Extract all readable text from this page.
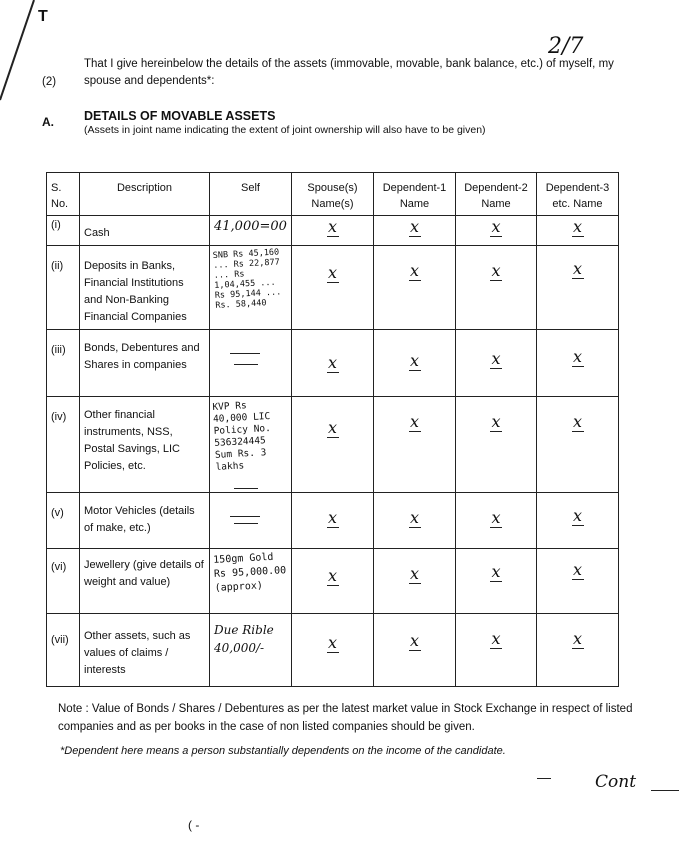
T
2/7
(2)
That I give hereinbelow the details of the assets (immovable, movable, bank balance, etc.) of myself, my spouse and dependents*:
A. DETAILS OF MOVABLE ASSETS
(Assets in joint name indicating the extent of joint ownership will also have to be given)
S. No.	Description	Self	Spouse(s) Name(s)	Dependent-1 Name	Dependent-2 Name	Dependent-3 etc. Name
(i)	Cash	41,000=00	x	x	x	x

(ii)	Deposits in Banks, Financial Institutions and Non-Banking Financial Companies	SNB Rs 45,160 ... Rs 22,877 ... Rs 1,04,455 ... Rs 95,144 ... Rs. 58,440	x	x	x	x

(iii)	Bonds, Debentures and Shares in companies		x	x	x	x

(iv)	Other financial instruments, NSS, Postal Savings, LIC Policies, etc.	KVP Rs 40,000 LIC Policy No. 536324445 Sum Rs. 3 lakhs	x	x	x	x

(v)	Motor Vehicles (details of make, etc.)		x	x	x	x

(vi)	Jewellery (give details of weight and value)	150gm Gold Rs 95,000.00 (approx)	x	x	x	x

(vii)	Other assets, such as values of claims / interests	Due Rible 40,000/-	x	x	x	x
Note : Value of Bonds / Shares / Debentures as per the latest market value in Stock Exchange in respect of listed companies and as per books in the case of non listed companies should be given.
*Dependent here means a person substantially dependents on the income of the candidate.
Cont
( -
